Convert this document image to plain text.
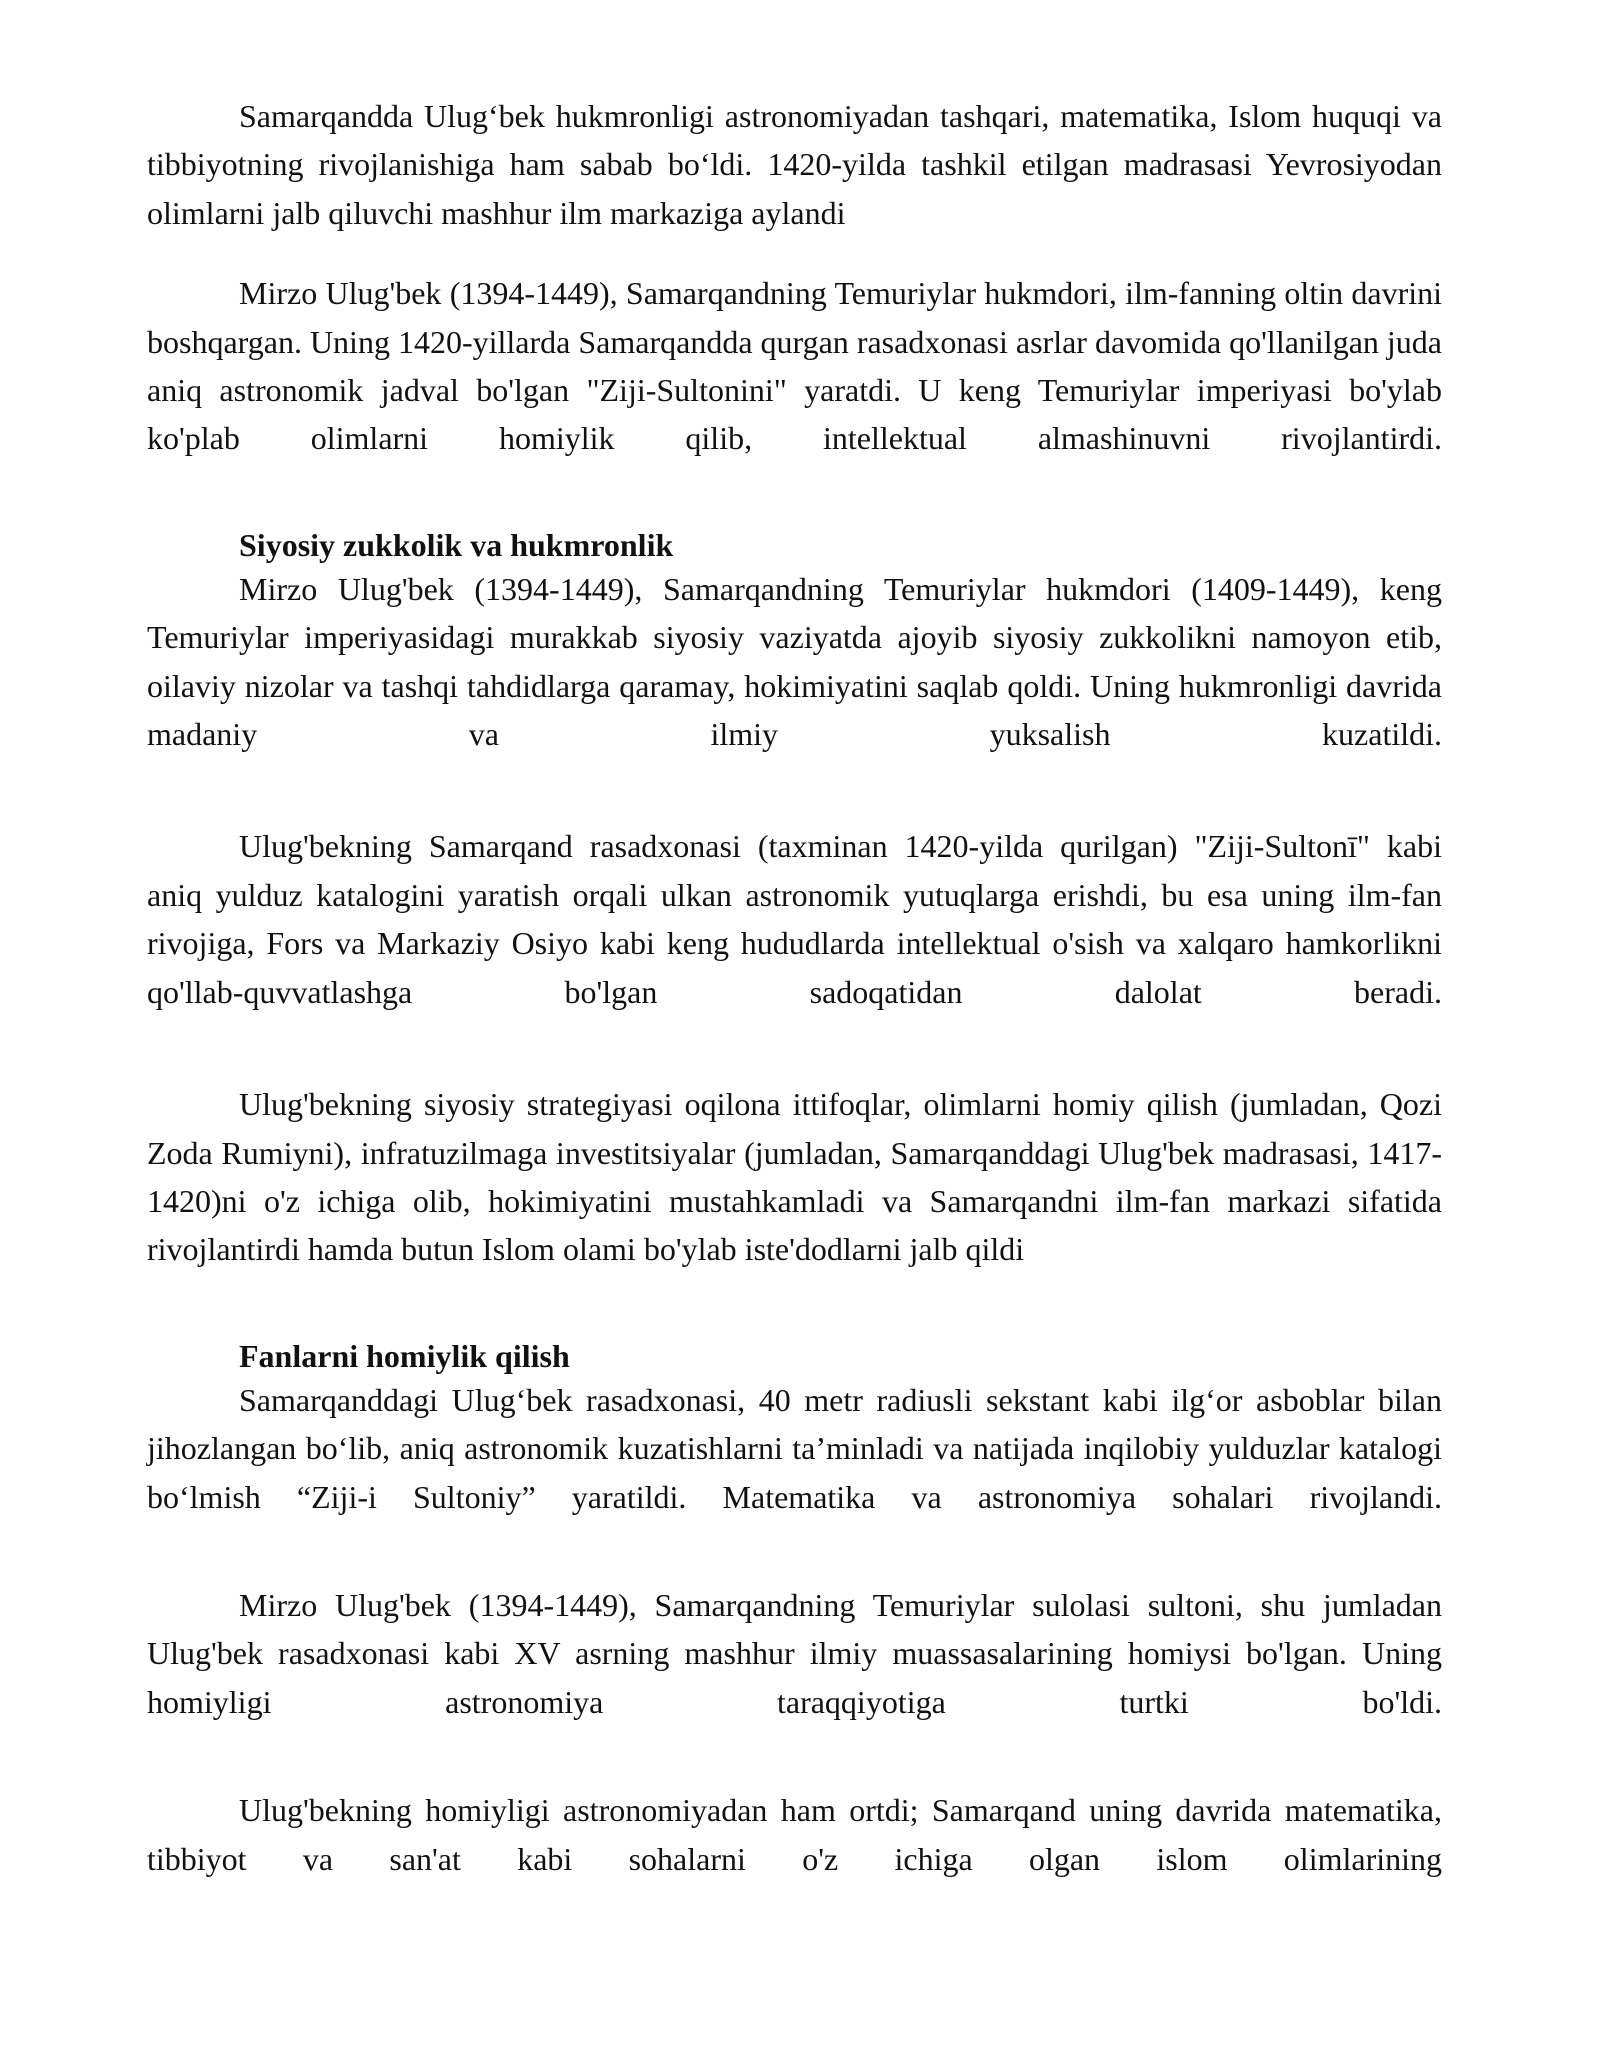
Samarqandda Ulug‘bek hukmronligi astronomiyadan tashqari, matematika, Islom huquqi va tibbiyotning rivojlanishiga ham sabab bo‘ldi. 1420-yilda tashkil etilgan madrasasi Yevrosiyodan olimlarni jalb qiluvchi mashhur ilm markaziga aylandi

Mirzo Ulug'bek (1394-1449), Samarqandning Temuriylar hukmdori, ilm-fanning oltin davrini boshqargan. Uning 1420-yillarda Samarqandda qurgan rasadxonasi asrlar davomida qo'llanilgan juda aniq astronomik jadval bo'lgan "Ziji-Sultonini" yaratdi. U keng Temuriylar imperiyasi bo'ylab ko'plab olimlarni homiylik qilib, intellektual almashinuvni rivojlantirdi.

Siyosiy zukkolik va hukmronlik

Mirzo Ulug'bek (1394-1449), Samarqandning Temuriylar hukmdori (1409-1449), keng Temuriylar imperiyasidagi murakkab siyosiy vaziyatda ajoyib siyosiy zukkolikni namoyon etib, oilaviy nizolar va tashqi tahdidlarga qaramay, hokimiyatini saqlab qoldi. Uning hukmronligi davrida madaniy va ilmiy yuksalish kuzatildi.

Ulug'bekning Samarqand rasadxonasi (taxminan 1420-yilda qurilgan) "Ziji-Sultonī" kabi aniq yulduz katalogini yaratish orqali ulkan astronomik yutuqlarga erishdi, bu esa uning ilm-fan rivojiga, Fors va Markaziy Osiyo kabi keng hududlarda intellektual o'sish va xalqaro hamkorlikni qo'llab-quvvatlashga bo'lgan sadoqatidan dalolat beradi.

Ulug'bekning siyosiy strategiyasi oqilona ittifoqlar, olimlarni homiy qilish (jumladan, Qozi Zoda Rumiyni), infratuzilmaga investitsiyalar (jumladan, Samarqanddagi Ulug'bek madrasasi, 1417-1420)ni o'z ichiga olib, hokimiyatini mustahkamladi va Samarqandni ilm-fan markazi sifatida rivojlantirdi hamda butun Islom olami bo'ylab iste'dodlarni jalb qildi

Fanlarni homiylik qilish

Samarqanddagi Ulug‘bek rasadxonasi, 40 metr radiusli sekstant kabi ilg‘or asboblar bilan jihozlangan bo‘lib, aniq astronomik kuzatishlarni ta’minladi va natijada inqilobiy yulduzlar katalogi bo‘lmish “Ziji-i Sultoniy” yaratildi. Matematika va astronomiya sohalari rivojlandi.

Mirzo Ulug'bek (1394-1449), Samarqandning Temuriylar sulolasi sultoni, shu jumladan Ulug'bek rasadxonasi kabi XV asrning mashhur ilmiy muassasalarining homiysi bo'lgan. Uning homiyligi astronomiya taraqqiyotiga turtki bo'ldi.

Ulug'bekning homiyligi astronomiyadan ham ortdi; Samarqand uning davrida matematika, tibbiyot va san'at kabi sohalarni o'z ichiga olgan islom olimlarining
